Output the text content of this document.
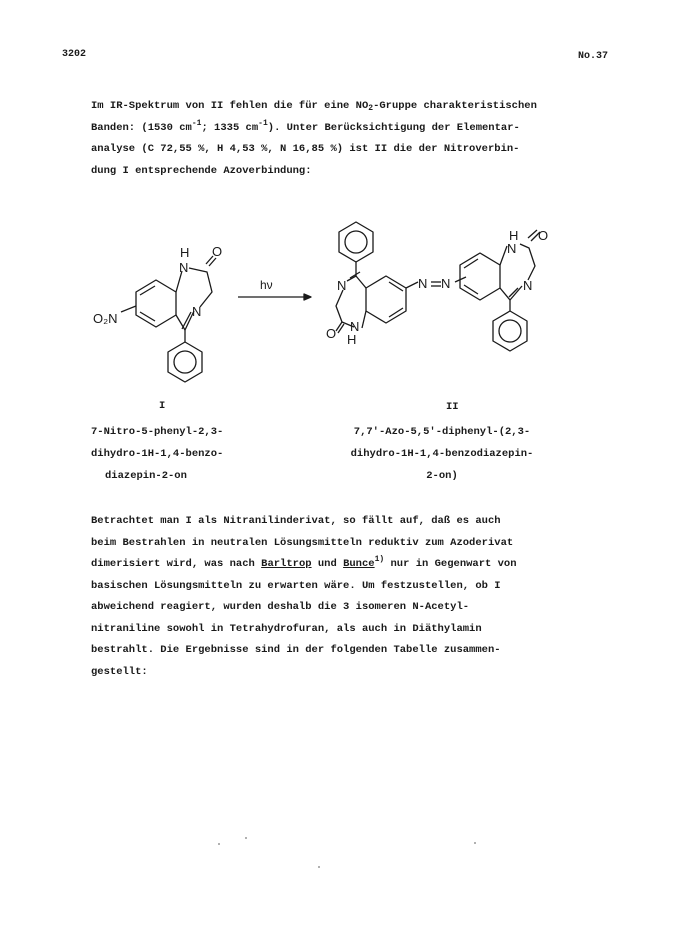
3202	No.37
Im IR-Spektrum von II fehlen die für eine $NO_2$-Gruppe charakteristischen
Banden: (1530 $cm^{-1}$; 1335 $cm^{-1}$). Unter Berücksichtigung der Elementar-
analyse (C 72,55 %, H 4,53 %, N 16,85 %) ist II die der Nitroverbin-
dung I entsprechende Azoverbindung:
H
N
O
N
O₂N
hν	N
N
O H
N N
H
N
O
N
I	II
7-Nitro-5-phenyl-2,3-
dihydro-1H-1,4-benzo-
diazepin-2-on
7,7'-Azo-5,5'-diphenyl-(2,3-
dihydro-1H-1,4-benzodiazepin-
2-on)
Betrachtet man I als Nitranilinderivat, so fällt auf, daß es auch
beim Bestrahlen in neutralen Lösungsmitteln reduktiv zum Azoderivat
dimerisiert wird, was nach Barltrop und Bunce$^{1)}$ nur in Gegenwart von
basischen Lösungsmitteln zu erwarten wäre. Um festzustellen, ob I
abweichend reagiert, wurden deshalb die 3 isomeren N-Acetyl-
nitraniline sowohl in Tetrahydrofuran, als auch in Diäthylamin
bestrahlt. Die Ergebnisse sind in der folgenden Tabelle zusammen-
gestellt:
